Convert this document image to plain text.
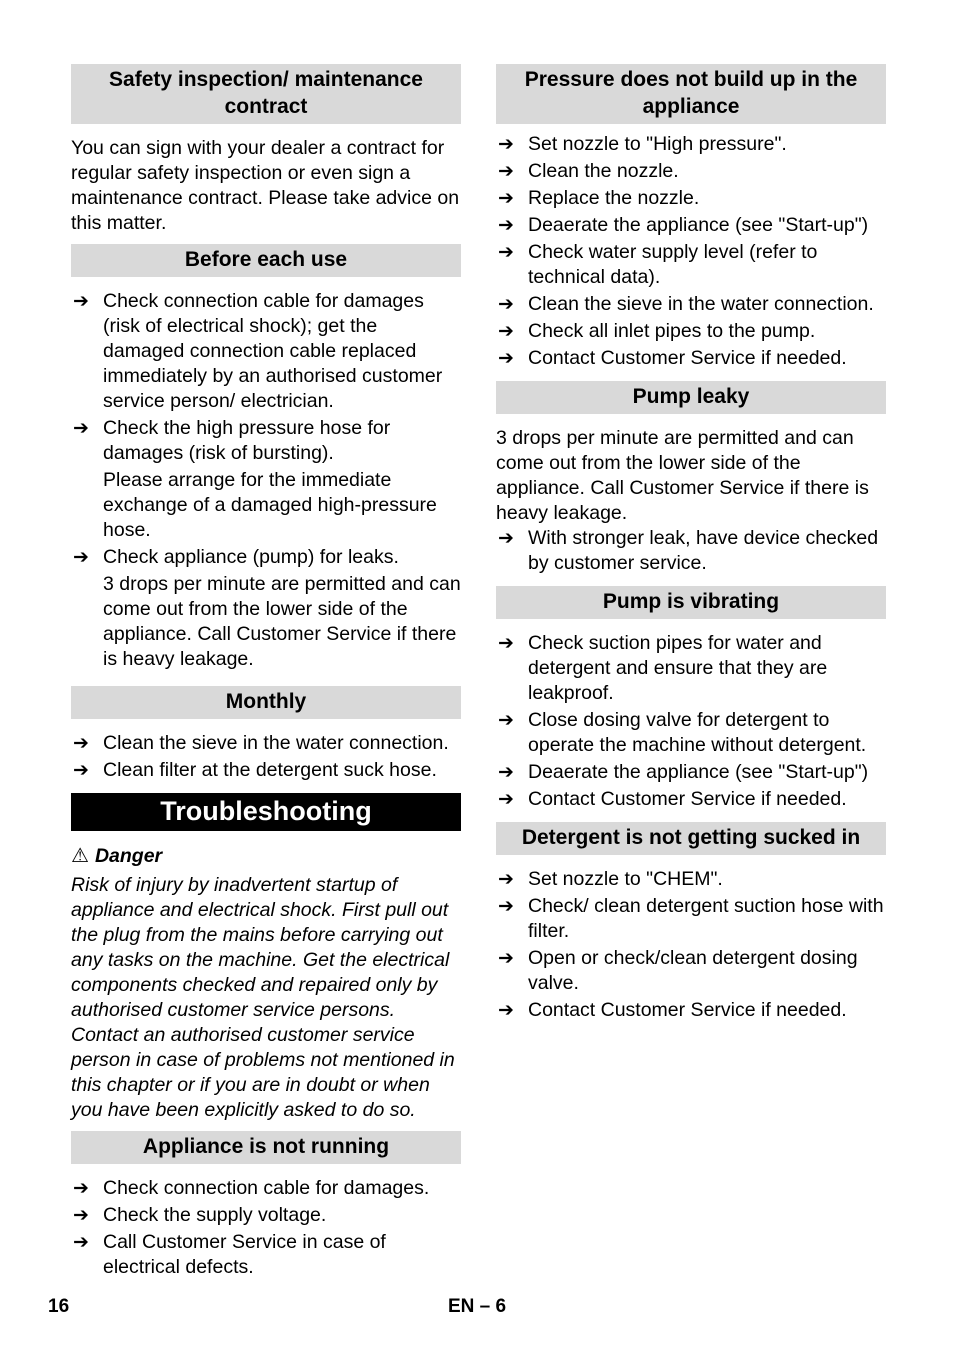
Safety inspection/ maintenance contract

You can sign with your dealer a contract for regular safety inspection or even sign a maintenance contract. Please take advice on this matter.

Before each use
➔ Check connection cable for damages (risk of electrical shock); get the damaged connection cable replaced immediately by an authorised customer service person/ electrician.
➔ Check the high pressure hose for damages (risk of bursting).
Please arrange for the immediate exchange of a damaged high-pressure hose.
➔ Check appliance (pump) for leaks.
3 drops per minute are permitted and can come out from the lower side of the appliance. Call Customer Service if there is heavy leakage.
Monthly
➔ Clean the sieve in the water connection.
➔ Clean filter at the detergent suck hose.
Troubleshooting
⚠ Danger

Risk of injury by inadvertent startup of appliance and electrical shock. First pull out the plug from the mains before carrying out any tasks on the machine. Get the electrical components checked and repaired only by authorised customer service persons. Contact an authorised customer service person in case of problems not mentioned in this chapter or if you are in doubt or when you have been explicitly asked to do so.

Appliance is not running
➔ Check connection cable for damages.
➔ Check the supply voltage.
➔ Call Customer Service in case of electrical defects.
Pressure does not build up in the appliance
➔ Set nozzle to "High pressure".
➔ Clean the nozzle.
➔ Replace the nozzle.
➔ Deaerate the appliance (see "Start-up")
➔ Check water supply level (refer to technical data).
➔ Clean the sieve in the water connection.
➔ Check all inlet pipes to the pump.
➔ Contact Customer Service if needed.
Pump leaky

3 drops per minute are permitted and can come out from the lower side of the appliance. Call Customer Service if there is heavy leakage.

➔ With stronger leak, have device checked by customer service.
Pump is vibrating
➔ Check suction pipes for water and detergent and ensure that they are leakproof.
➔ Close dosing valve for detergent to operate the machine without detergent.
➔ Deaerate the appliance (see "Start-up")
➔ Contact Customer Service if needed.
Detergent is not getting sucked in
➔ Set nozzle to "CHEM".
➔ Check/ clean detergent suction hose with filter.
➔ Open or check/clean detergent dosing valve.
➔ Contact Customer Service if needed.
16	EN – 6
